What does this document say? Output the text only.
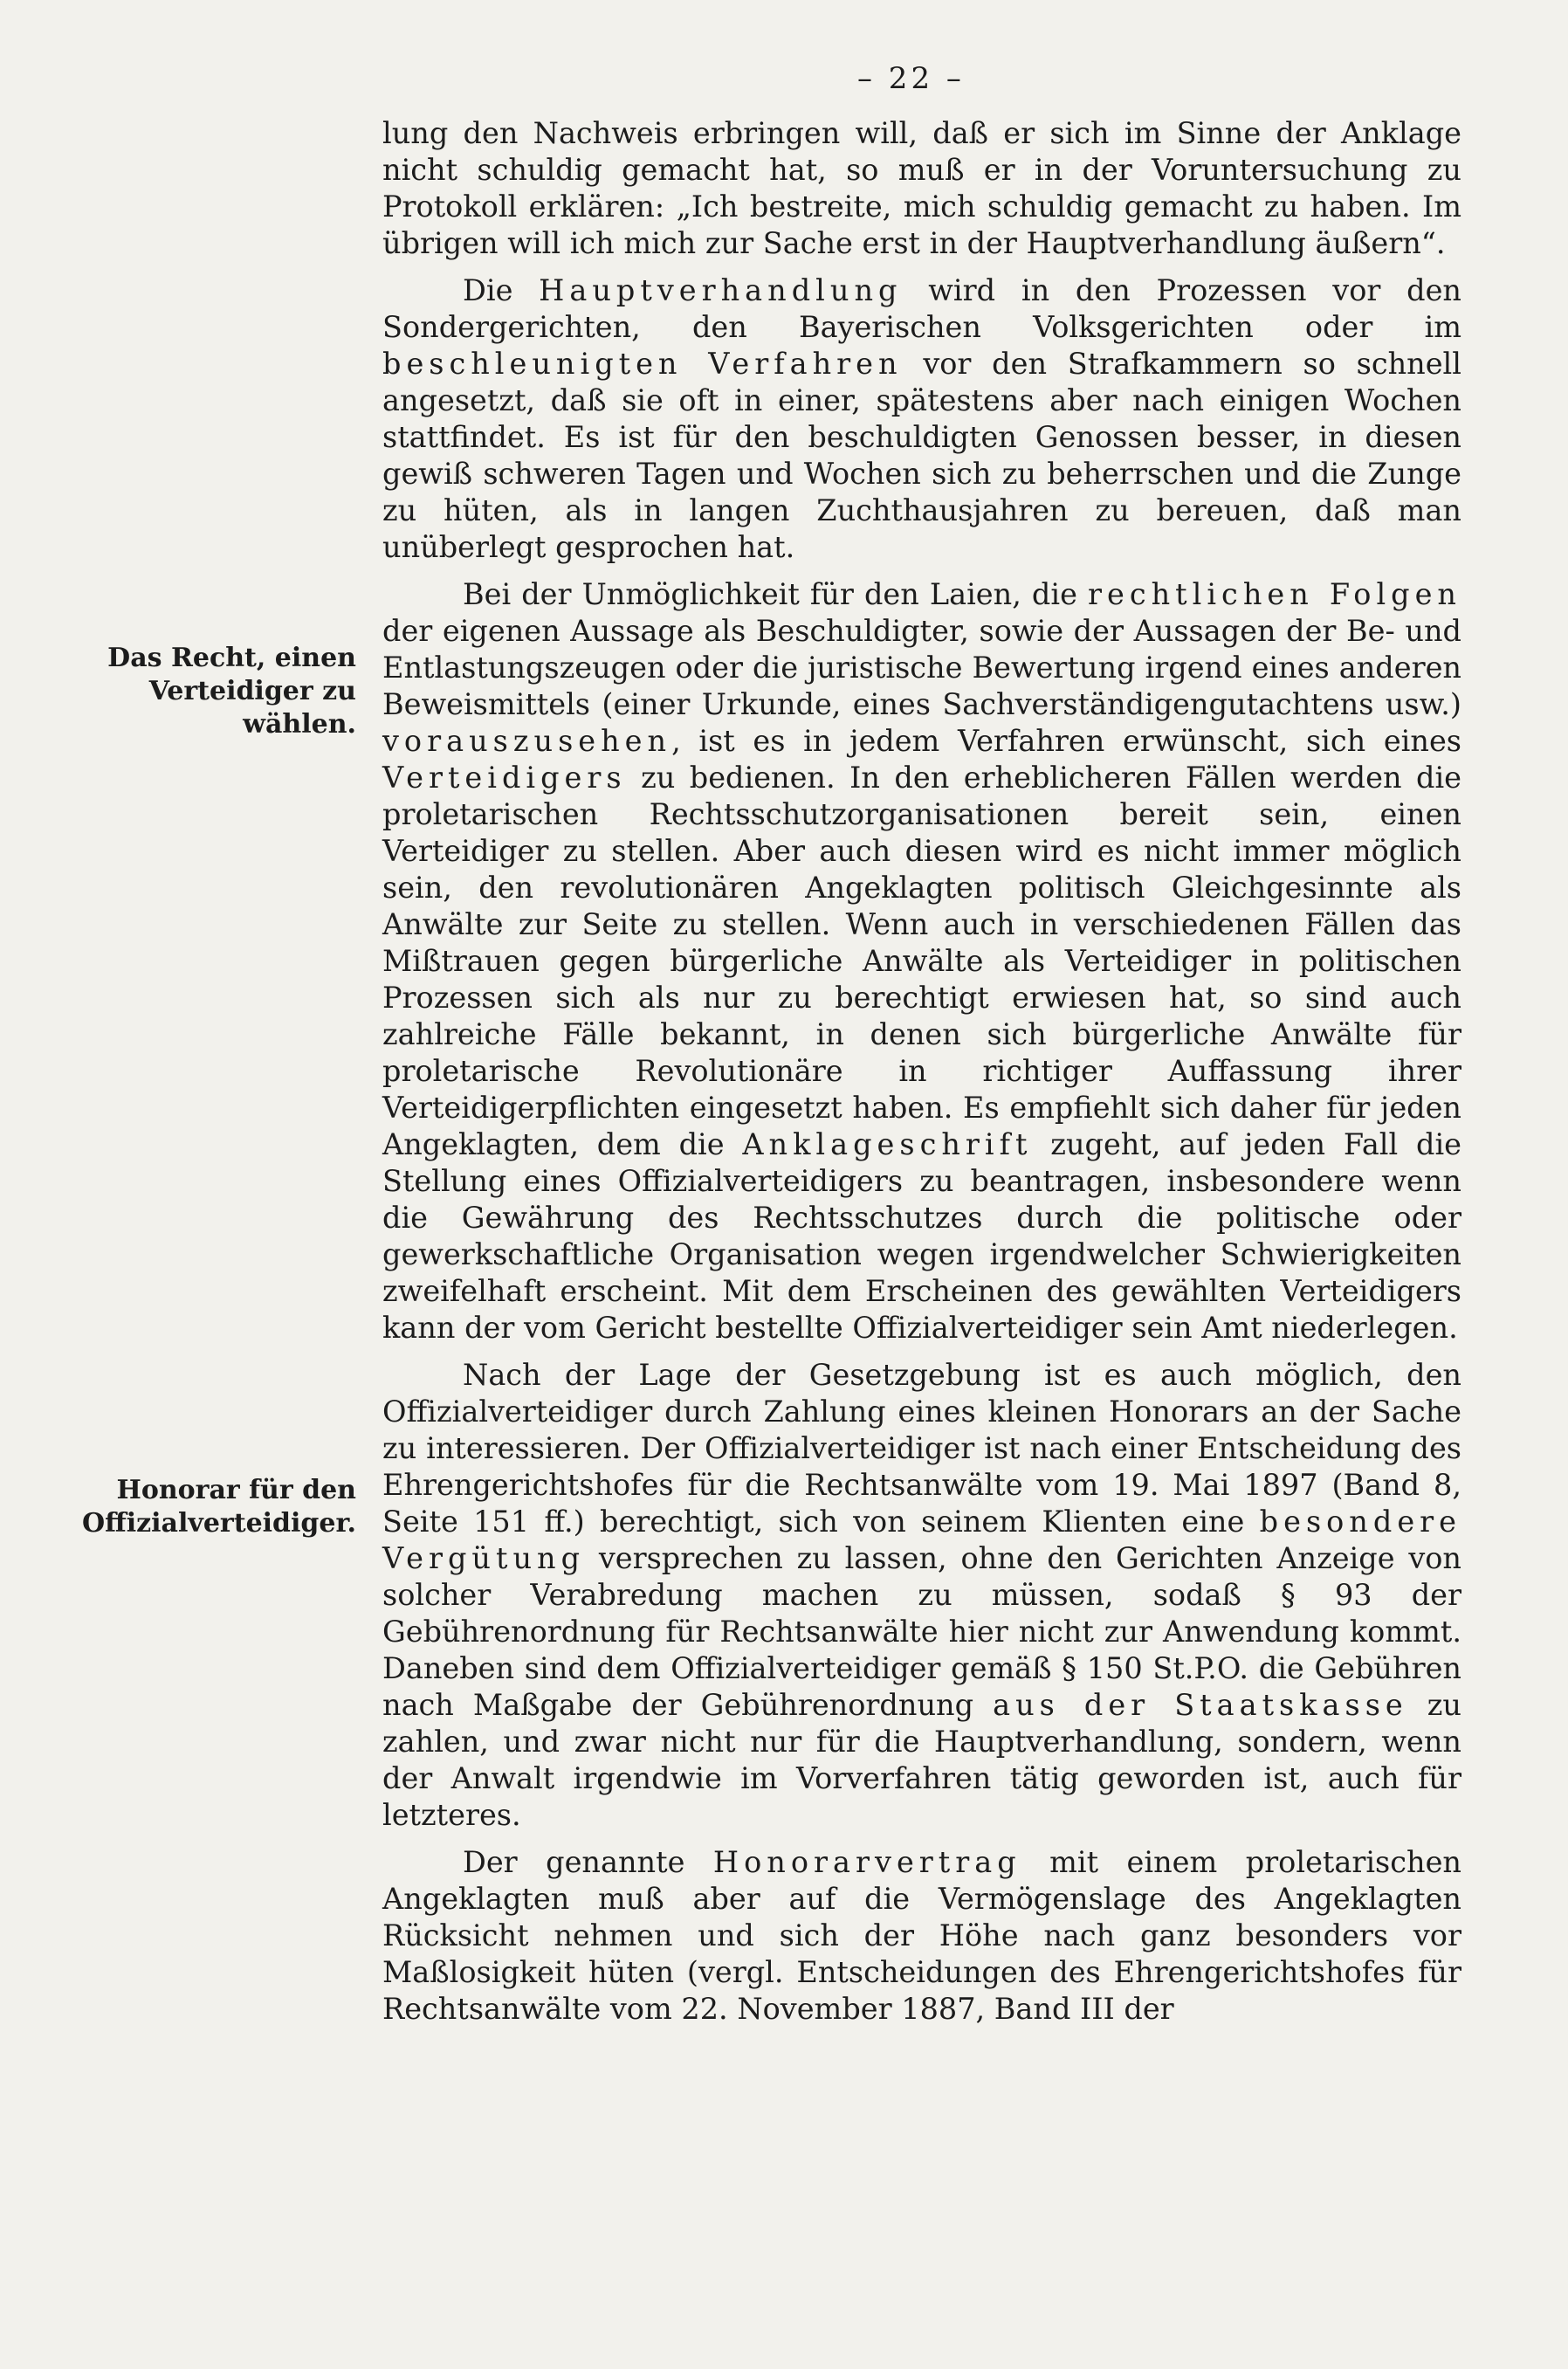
– 22 –
Das Recht, einen Verteidiger zu wählen.
Honorar für den Offizialverteidiger.

lung den Nachweis erbringen will, daß er sich im Sinne der Anklage nicht schuldig gemacht hat, so muß er in der Voruntersuchung zu Protokoll erklären: „Ich bestreite, mich schuldig gemacht zu haben. Im übrigen will ich mich zur Sache erst in der Hauptverhandlung äußern“.

Die Hauptverhandlung wird in den Prozessen vor den Sondergerichten, den Bayerischen Volksgerichten oder im beschleunigten Verfahren vor den Strafkammern so schnell angesetzt, daß sie oft in einer, spätestens aber nach einigen Wochen stattfindet. Es ist für den beschuldigten Genossen besser, in diesen gewiß schweren Tagen und Wochen sich zu beherrschen und die Zunge zu hüten, als in langen Zuchthausjahren zu bereuen, daß man unüberlegt gesprochen hat.

Bei der Unmöglichkeit für den Laien, die rechtlichen Folgen der eigenen Aussage als Beschuldigter, sowie der Aussagen der Be- und Entlastungszeugen oder die juristische Bewertung irgend eines anderen Beweismittels (einer Urkunde, eines Sachverständigengutachtens usw.) vorauszusehen, ist es in jedem Verfahren erwünscht, sich eines Verteidigers zu bedienen. In den erheblicheren Fällen werden die proletarischen Rechtsschutzorganisationen bereit sein, einen Verteidiger zu stellen. Aber auch diesen wird es nicht immer möglich sein, den revolutionären Angeklagten politisch Gleichgesinnte als Anwälte zur Seite zu stellen. Wenn auch in verschiedenen Fällen das Mißtrauen gegen bürgerliche Anwälte als Verteidiger in politischen Prozessen sich als nur zu berechtigt erwiesen hat, so sind auch zahlreiche Fälle bekannt, in denen sich bürgerliche Anwälte für proletarische Revolutionäre in richtiger Auffassung ihrer Verteidigerpflichten eingesetzt haben. Es empfiehlt sich daher für jeden Angeklagten, dem die Anklageschrift zugeht, auf jeden Fall die Stellung eines Offizialverteidigers zu beantragen, insbesondere wenn die Gewährung des Rechtsschutzes durch die politische oder gewerkschaftliche Organisation wegen irgendwelcher Schwierigkeiten zweifelhaft erscheint. Mit dem Erscheinen des gewählten Verteidigers kann der vom Gericht bestellte Offizialverteidiger sein Amt niederlegen.

Nach der Lage der Gesetzgebung ist es auch möglich, den Offizialverteidiger durch Zahlung eines kleinen Honorars an der Sache zu interessieren. Der Offizialverteidiger ist nach einer Entscheidung des Ehrengerichtshofes für die Rechtsanwälte vom 19. Mai 1897 (Band 8, Seite 151 ff.) berechtigt, sich von seinem Klienten eine besondere Vergütung versprechen zu lassen, ohne den Gerichten Anzeige von solcher Verabredung machen zu müssen, sodaß § 93 der Gebührenordnung für Rechtsanwälte hier nicht zur Anwendung kommt. Daneben sind dem Offizialverteidiger gemäß § 150 St.P.O. die Gebühren nach Maßgabe der Gebührenordnung aus der Staatskasse zu zahlen, und zwar nicht nur für die Hauptverhandlung, sondern, wenn der Anwalt irgendwie im Vorverfahren tätig geworden ist, auch für letzteres.

Der genannte Honorarvertrag mit einem proletarischen Angeklagten muß aber auf die Vermögenslage des Angeklagten Rücksicht nehmen und sich der Höhe nach ganz besonders vor Maßlosigkeit hüten (vergl. Entscheidungen des Ehrengerichtshofes für Rechtsanwälte vom 22. November 1887, Band III der
